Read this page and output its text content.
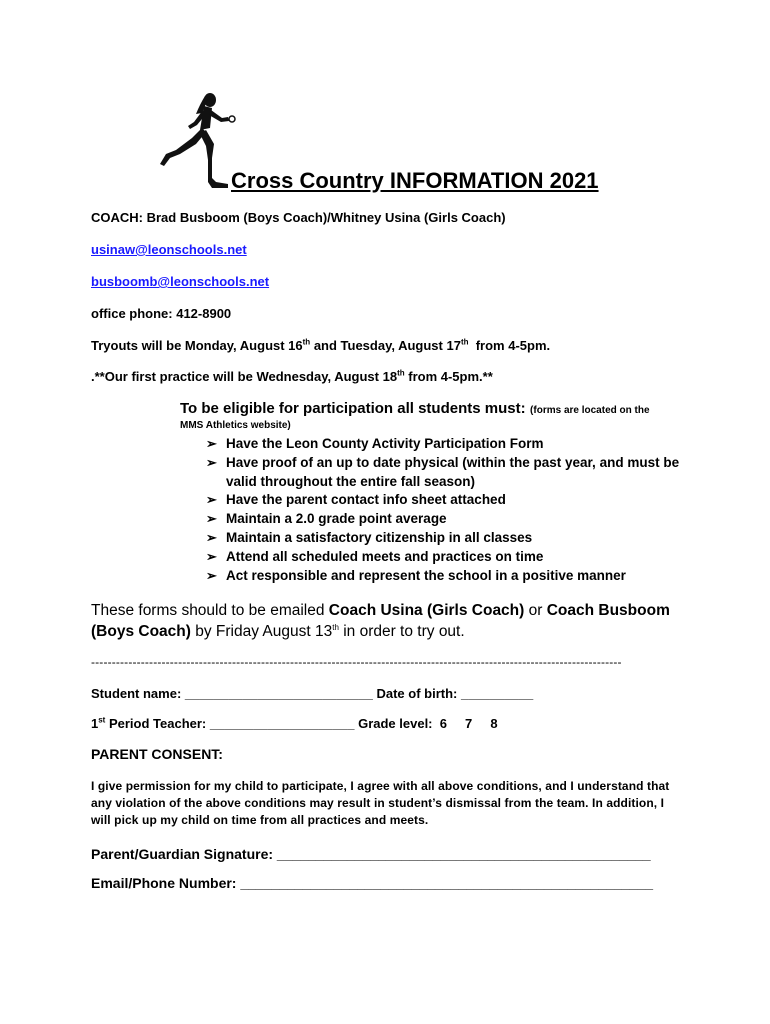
Cross Country INFORMATION 2021
COACH: Brad Busboom (Boys Coach)/Whitney Usina (Girls Coach)
usinaw@leonschools.net
busboomb@leonschools.net
office phone: 412-8900
Tryouts will be Monday, August 16th and Tuesday, August 17th  from 4-5pm.
.**Our first practice will be Wednesday, August 18th from 4-5pm.**
To be eligible for participation all students must: (forms are located on the
MMS Athletics website)
➢ Have the Leon County Activity Participation Form
➢Have proof of an up to date physical (within the past year, and must be valid throughout the entire fall season)
➢ Have the parent contact info sheet attached
➢ Maintain a 2.0 grade point average
➢ Maintain a satisfactory citizenship in all classes
➢ Attend all scheduled meets and practices on time
➢ Act responsible and represent the school in a positive manner
These forms should to be emailed Coach Usina (Girls Coach) or Coach Busboom
(Boys Coach) by Friday August 13th in order to try out.
--------------------------------------------------------------------------------------------------------------------------------
Student name: __________________________ Date of birth: __________
1st Period Teacher: ____________________ Grade level:  6     7     8
PARENT CONSENT:
I give permission for my child to participate, I agree with all above conditions, and I understand that any violation of the above conditions may result in student’s dismissal from the team. In addition, I will pick up my child on time from all practices and meets.
Parent/Guardian Signature: ________________________________________________
Email/Phone Number: _____________________________________________________
